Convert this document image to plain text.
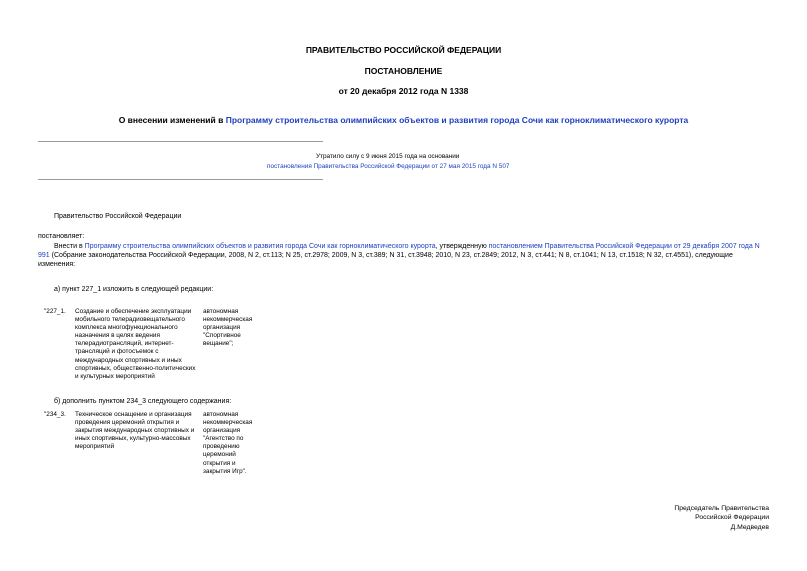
ПРАВИТЕЛЬСТВО РОССИЙСКОЙ ФЕДЕРАЦИИ
ПОСТАНОВЛЕНИЕ
от 20 декабря 2012 года N 1338
О внесении изменений в Программу строительства олимпийских объектов и развития города Сочи как горноклиматического курорта
Утратило силу с 9 июня 2015 года на основании
постановления Правительства Российской Федерации от 27 мая 2015 года N 507
Правительство Российской Федерации
постановляет:
Внести в Программу строительства олимпийских объектов и развития города Сочи как горноклиматического курорта, утвержденную постановлением Правительства Российской Федерации от 29 декабря 2007 года N 991 (Собрание законодательства Российской Федерации, 2008, N 2, ст.113; N 25, ст.2978; 2009, N 3, ст.389; N 31, ст.3948; 2010, N 23, ст.2849; 2012, N 3, ст.441; N 8, ст.1041; N 13, ст.1518; N 32, ст.4551), следующие изменения:
а) пункт 227_1 изложить в следующей редакции:
"227_1.	Создание и обеспечение эксплуатации мобильного телерадиовещательного комплекса многофункционального назначения в целях ведения телерадиотрансляций, интернет-трансляций и фотосъемок с международных спортивных и иных спортивных, общественно-политических и культурных мероприятий
автономная некоммерческая организация "Спортивное вещание";
б) дополнить пунктом 234_3 следующего содержания:
"234_3.	Техническое оснащение и организация проведения церемоний открытия и закрытия международных спортивных и иных спортивных, культурно-массовых мероприятий
автономная некоммерческая организация "Агентство по проведению церемоний открытия и закрытия Игр".
Председатель Правительства
Российской Федерации
Д.Медведев
